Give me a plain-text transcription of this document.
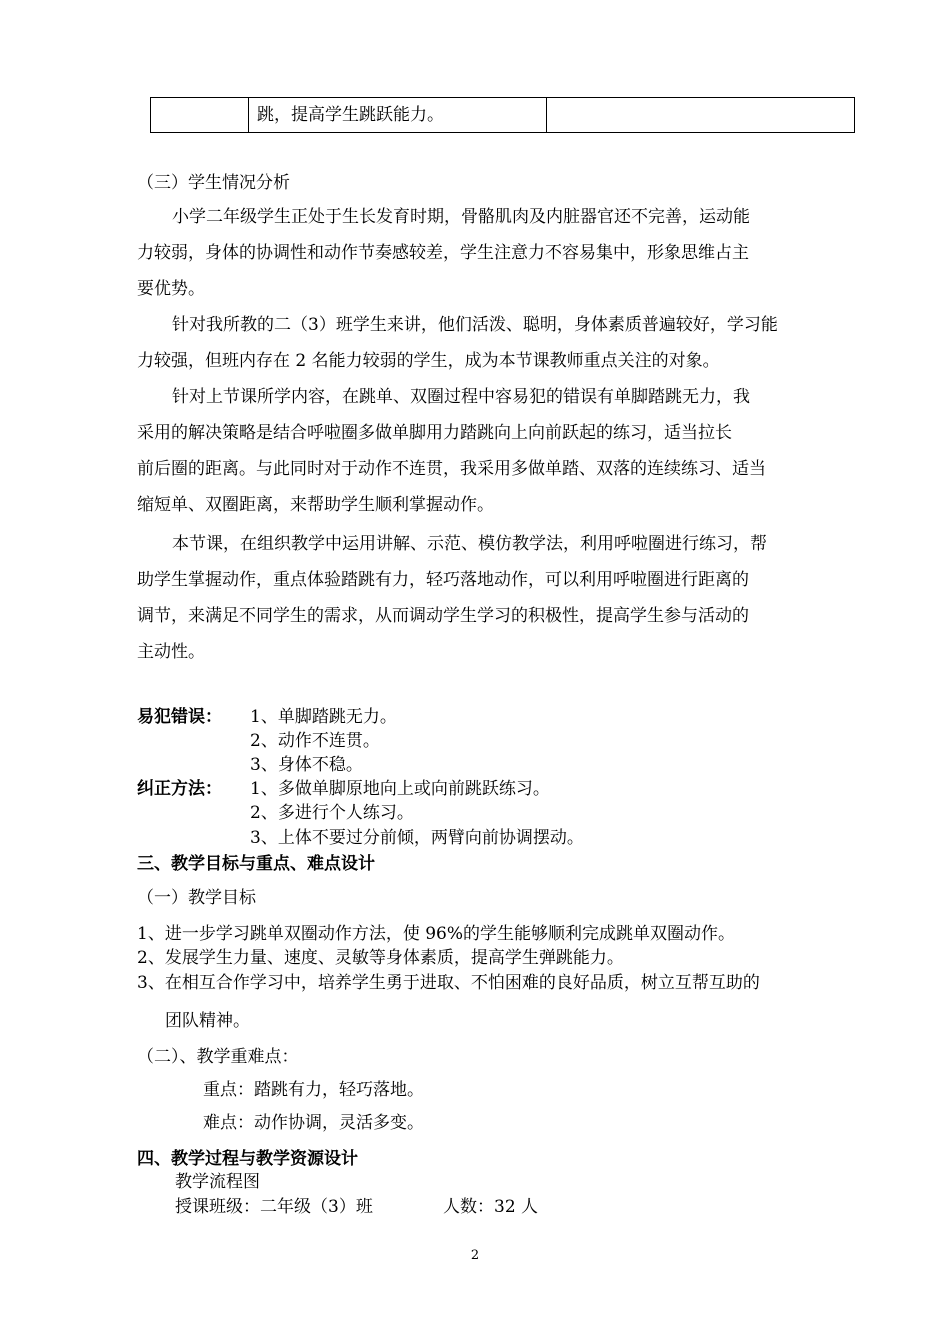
跳，提高学生跳跃能力。

（三）学生情况分析
小学二年级学生正处于生长发育时期，骨骼肌肉及内脏器官还不完善，运动能
力较弱，身体的协调性和动作节奏感较差，学生注意力不容易集中，形象思维占主
要优势。
针对我所教的二（3）班学生来讲，他们活泼、聪明，身体素质普遍较好，学习能
力较强，但班内存在 2 名能力较弱的学生，成为本节课教师重点关注的对象。
针对上节课所学内容，在跳单、双圈过程中容易犯的错误有单脚踏跳无力，我
采用的解决策略是结合呼啦圈多做单脚用力踏跳向上向前跃起的练习，适当拉长
前后圈的距离。与此同时对于动作不连贯，我采用多做单踏、双落的连续练习、适当
缩短单、双圈距离，来帮助学生顺利掌握动作。
本节课，在组织教学中运用讲解、示范、模仿教学法，利用呼啦圈进行练习，帮
助学生掌握动作，重点体验踏跳有力，轻巧落地动作，可以利用呼啦圈进行距离的
调节，来满足不同学生的需求，从而调动学生学习的积极性，提高学生参与活动的
主动性。
易犯错误： 1、单脚踏跳无力。
2、动作不连贯。
3、身体不稳。
纠正方法： 1、多做单脚原地向上或向前跳跃练习。
2、多进行个人练习。
3、上体不要过分前倾，两臂向前协调摆动。
三、教学目标与重点、难点设计
（一）教学目标
1、进一步学习跳单双圈动作方法，使 96%的学生能够顺利完成跳单双圈动作。
2、发展学生力量、速度、灵敏等身体素质，提高学生弹跳能力。
3、在相互合作学习中，培养学生勇于进取、不怕困难的良好品质，树立互帮互助的
团队精神。
（二）、教学重难点：
重点：踏跳有力，轻巧落地。
难点：动作协调，灵活多变。
四、教学过程与教学资源设计
教学流程图
授课班级：二年级（3）班	人数：32 人
2
